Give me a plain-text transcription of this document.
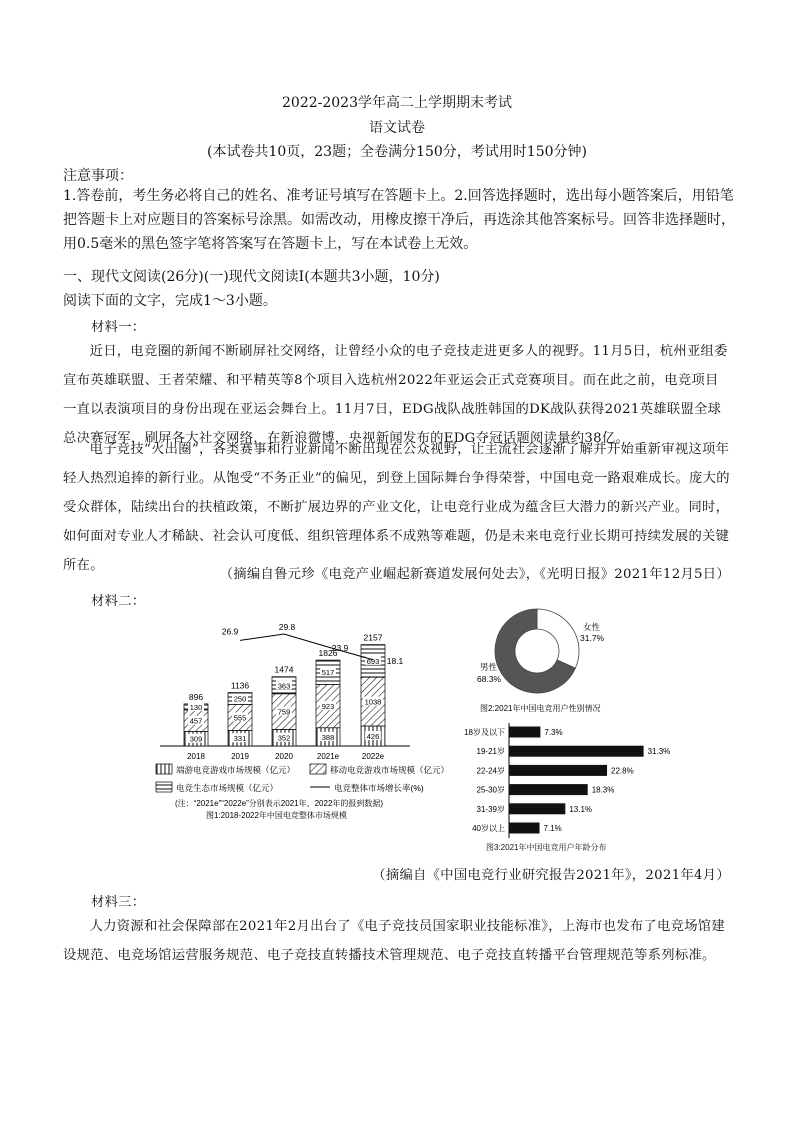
2022-2023学年高二上学期期末考试
语文试卷
(本试卷共10页，23题；全卷满分150分，考试用时150分钟)
注意事项：

1.答卷前，考生务必将自己的姓名、准考证号填写在答题卡上。2.回答选择题时，选出每小题答案后，用铅笔把答题卡上对应题目的答案标号涂黑。如需改动，用橡皮擦干净后，再选涂其他答案标号。回答非选择题时，用0.5毫米的黑色签字笔将答案写在答题卡上，写在本试卷上无效。

一、现代文阅读(26分)(一)现代文阅读Ⅰ(本题共3小题，10分)
阅读下面的文字，完成1～3小题。
材料一：

近日，电竞圈的新闻不断刷屏社交网络，让曾经小众的电子竞技走进更多人的视野。11月5日，杭州亚组委宣布英雄联盟、王者荣耀、和平精英等8个项目入选杭州2022年亚运会正式竞赛项目。而在此之前，电竞项目一直以表演项目的身份出现在亚运会舞台上。11月7日，EDG战队战胜韩国的DK战队获得2021英雄联盟全球总决赛冠军，刷屏各大社交网络，在新浪微博，央视新闻发布的EDG夺冠话题阅读量约38亿。

电子竞技“火出圈”，各类赛事和行业新闻不断出现在公众视野，让主流社会逐渐了解并开始重新审视这项年轻人热烈追捧的新行业。从饱受“不务正业”的偏见，到登上国际舞台争得荣誉，中国电竞一路艰难成长。庞大的受众群体，陆续出台的扶植政策，不断扩展边界的产业文化，让电竞行业成为蕴含巨大潜力的新兴产业。同时，如何面对专业人才稀缺、社会认可度低、组织管理体系不成熟等难题，仍是未来电竞行业长期可持续发展的关键所在。

（摘编自鲁元珍《电竞产业崛起新赛道发展何处去》，《光明日报》2021年12月5日）
材料二：
309
457
130
896
331
555
250
1136
352
759
363
1474
388
923
517
1826
426
1038
693
2157
26.9	29.8
23.9
18.1
2018	2019	2020	2021e	2022e
端游电竞游戏市场规模（亿元）	移动电竞游戏市场规模（亿元）
电竞生态市场规模（亿元）	电竞整体市场增长率(%)
(注：“2021e”“2022e”分别表示2021年、2022年的报到数据)
图1:2018-2022年中国电竞整体市场规模
女性
31.7%
男性
68.3%
图2:2021年中国电竞用户性别情况
18岁及以下	7.3%
19-21岁	31.3%
22-24岁	22.8%
25-30岁	18.3%
31-39岁	13.1%
40岁以上	7.1%
图3:2021年中国电竞用户年龄分布
（摘编自《中国电竞行业研究报告2021年》，2021年4月）
材料三：

人力资源和社会保障部在2021年2月出台了《电子竞技员国家职业技能标准》，上海市也发布了电竞场馆建设规范、电竞场馆运营服务规范、电子竞技直转播技术管理规范、电子竞技直转播平台管理规范等系列标准。
